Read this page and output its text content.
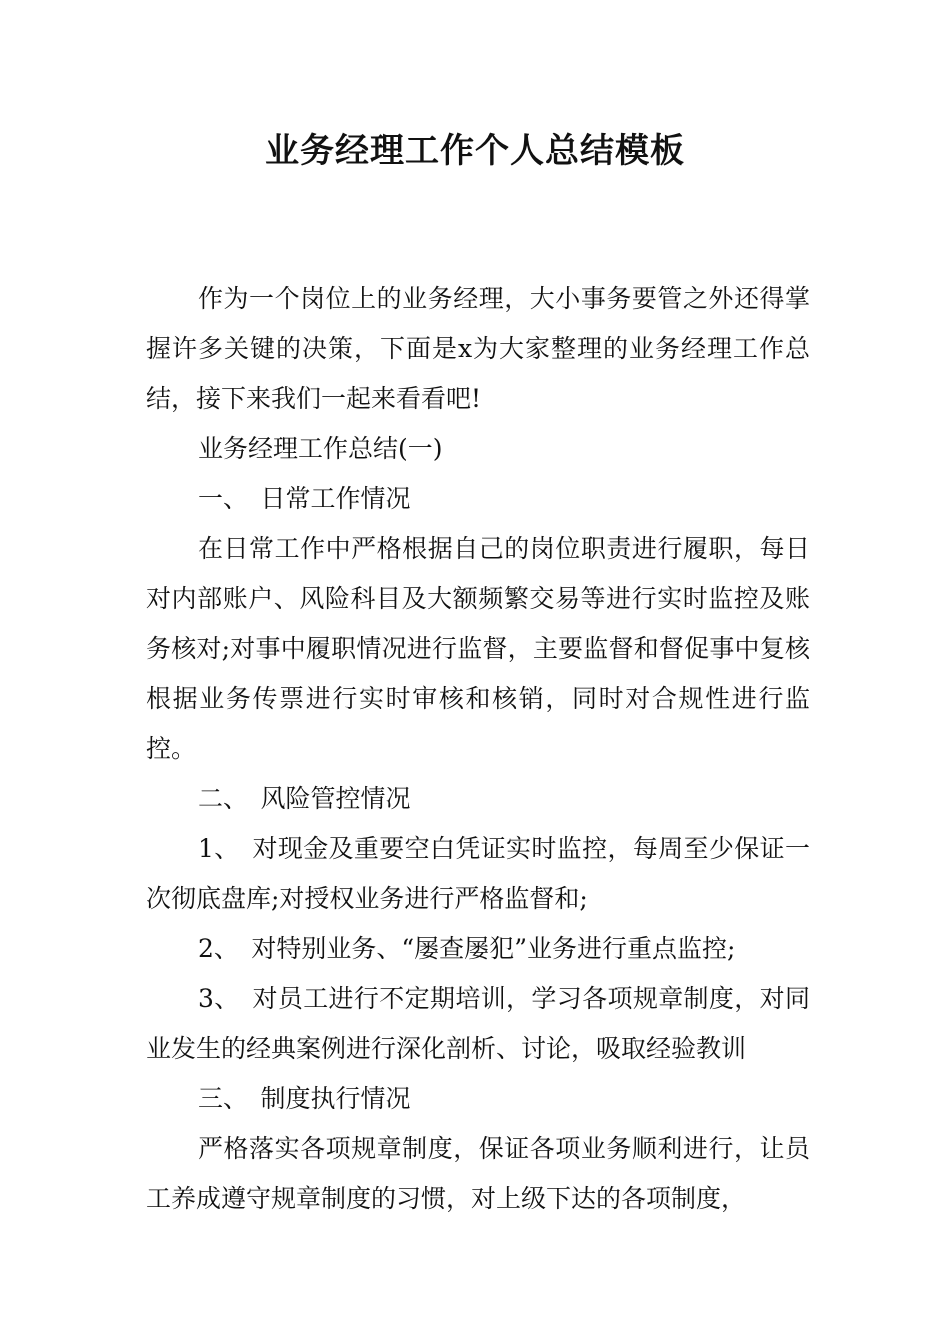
业务经理工作个人总结模板

作为一个岗位上的业务经理，大小事务要管之外还得掌握许多关键的决策，下面是x为大家整理的业务经理工作总结，接下来我们一起来看看吧!

业务经理工作总结(一)

一、　日常工作情况

在日常工作中严格根据自己的岗位职责进行履职，每日对内部账户、风险科目及大额频繁交易等进行实时监控及账务核对;对事中履职情况进行监督，主要监督和督促事中复核根据业务传票进行实时审核和核销，同时对合规性进行监控。

二、　风险管控情况

1、　对现金及重要空白凭证实时监控，每周至少保证一次彻底盘库;对授权业务进行严格监督和;

2、　对特别业务、“屡查屡犯”业务进行重点监控;

3、　对员工进行不定期培训，学习各项规章制度，对同业发生的经典案例进行深化剖析、讨论，吸取经验教训

三、　制度执行情况

严格落实各项规章制度，保证各项业务顺利进行，让员工养成遵守规章制度的习惯，对上级下达的各项制度，
